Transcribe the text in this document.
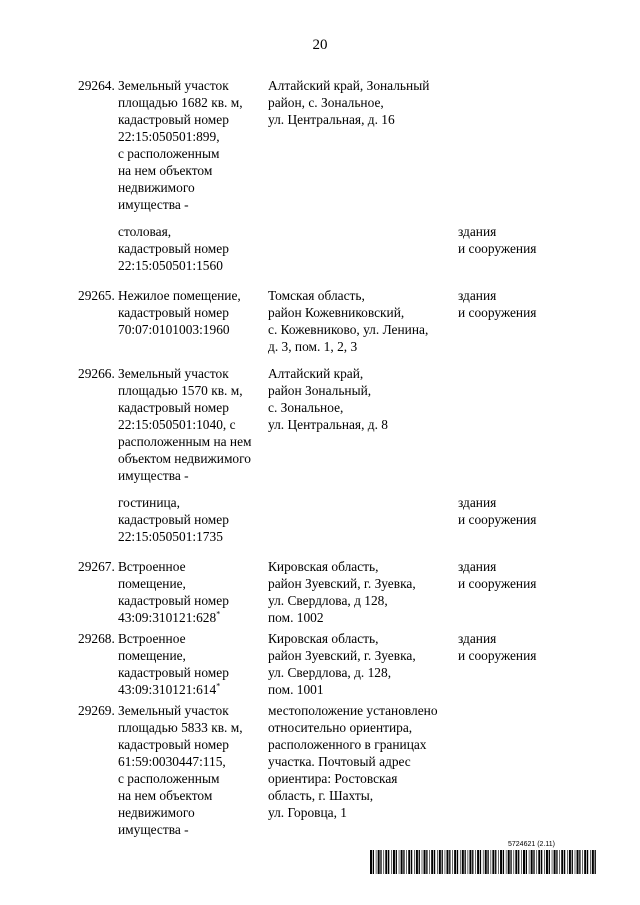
20
29264. Земельный участок
площадью 1682 кв. м,
кадастровый номер
22:15:050501:899,
с расположенным
на нем объектом
недвижимого
имущества -
Алтайский край, Зональный
район, с. Зональное,
ул. Центральная, д. 16
столовая,
кадастровый номер
22:15:050501:1560
здания
и сооружения
29265. Нежилое помещение,
кадастровый номер
70:07:0101003:1960
Томская область,
район Кожевниковский,
с. Кожевниково, ул. Ленина,
д. 3, пом. 1, 2, 3
здания
и сооружения
29266. Земельный участок
площадью 1570 кв. м,
кадастровый номер
22:15:050501:1040, с
расположенным на нем
объектом недвижимого
имущества -
Алтайский край,
район Зональный,
с. Зональное,
ул. Центральная, д. 8
гостиница,
кадастровый номер
22:15:050501:1735
здания
и сооружения
29267. Встроенное
помещение,
кадастровый номер
43:09:310121:628*
Кировская область,
район Зуевский, г. Зуевка,
ул. Свердлова, д 128,
пом. 1002
здания
и сооружения
29268. Встроенное
помещение,
кадастровый номер
43:09:310121:614*
Кировская область,
район Зуевский, г. Зуевка,
ул. Свердлова, д. 128,
пом. 1001
здания
и сооружения
29269. Земельный участок
площадью 5833 кв. м,
кадастровый номер
61:59:0030447:115,
с расположенным
на нем объектом
недвижимого
имущества -
местоположение установлено
относительно ориентира,
расположенного в границах
участка. Почтовый адрес
ориентира: Ростовская
область, г. Шахты,
ул. Горовца, 1
5724621 (2.11)
